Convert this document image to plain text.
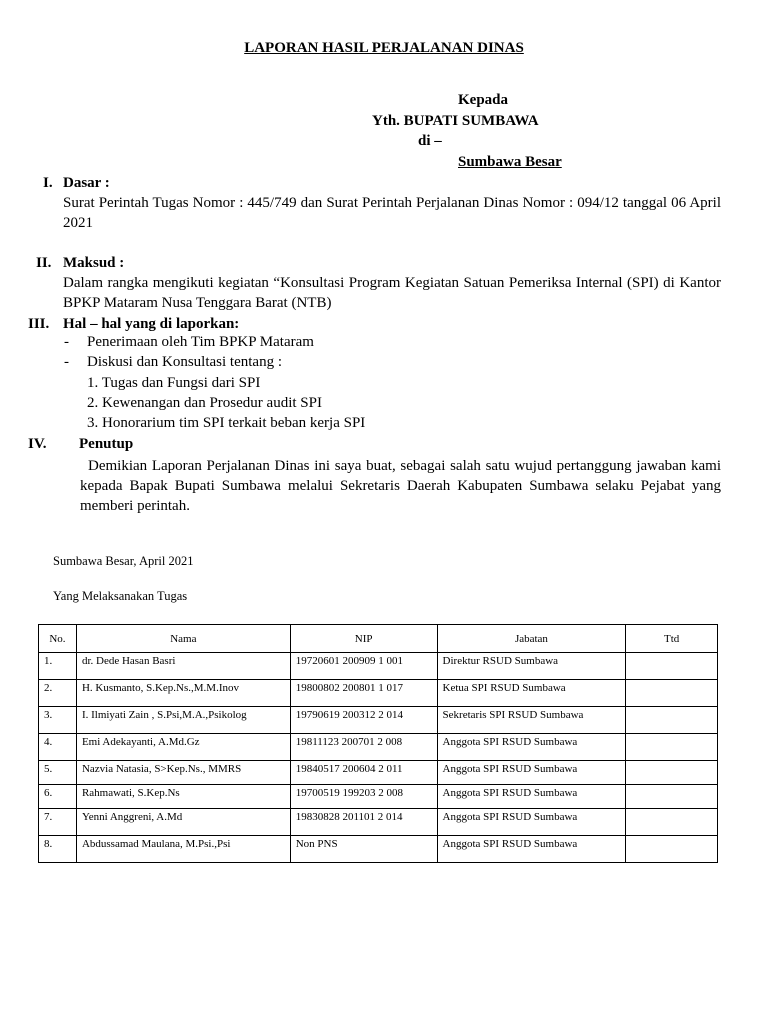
LAPORAN HASIL PERJALANAN DINAS
Kepada
Yth. BUPATI SUMBAWA
di –
Sumbawa Besar
I. Dasar :
Surat Perintah Tugas Nomor : 445/749 dan Surat Perintah Perjalanan Dinas Nomor : 094/12 tanggal 06 April 2021
II. Maksud :
Dalam rangka mengikuti kegiatan “Konsultasi Program Kegiatan Satuan Pemeriksa Internal (SPI) di Kantor BPKP Mataram Nusa Tenggara Barat (NTB)
III. Hal – hal yang di laporkan:
- Penerimaan oleh Tim BPKP Mataram
- Diskusi dan Konsultasi tentang :
1. Tugas dan Fungsi dari SPI
2. Kewenangan dan Prosedur audit SPI
3. Honorarium tim SPI terkait beban kerja SPI
IV. Penutup
Demikian Laporan Perjalanan Dinas ini saya buat, sebagai salah satu wujud pertanggung jawaban kami kepada Bapak Bupati Sumbawa melalui Sekretaris Daerah Kabupaten Sumbawa selaku Pejabat yang memberi perintah.
Sumbawa Besar, April 2021
Yang Melaksanakan Tugas
No.	Nama	NIP	Jabatan	Ttd
1.	dr. Dede Hasan Basri	19720601 200909 1 001	Direktur RSUD Sumbawa	
2.	H. Kusmanto, S.Kep.Ns.,M.M.Inov	19800802 200801 1 017	Ketua SPI RSUD Sumbawa	
3.	I. Ilmiyati Zain , S.Psi,M.A.,Psikolog	19790619 200312 2 014	Sekretaris SPI RSUD Sumbawa	
4.	Emi Adekayanti, A.Md.Gz	19811123 200701 2 008	Anggota SPI RSUD Sumbawa	
5.	Nazvia Natasia, S>Kep.Ns., MMRS	19840517 200604 2 011	Anggota SPI RSUD Sumbawa	
6.	Rahmawati, S.Kep.Ns	19700519 199203 2 008	Anggota SPI RSUD Sumbawa	
7.	Yenni Anggreni, A.Md	19830828 201101 2 014	Anggota SPI RSUD Sumbawa	
8.	Abdussamad Maulana, M.Psi.,Psi	Non PNS	Anggota SPI RSUD Sumbawa	
